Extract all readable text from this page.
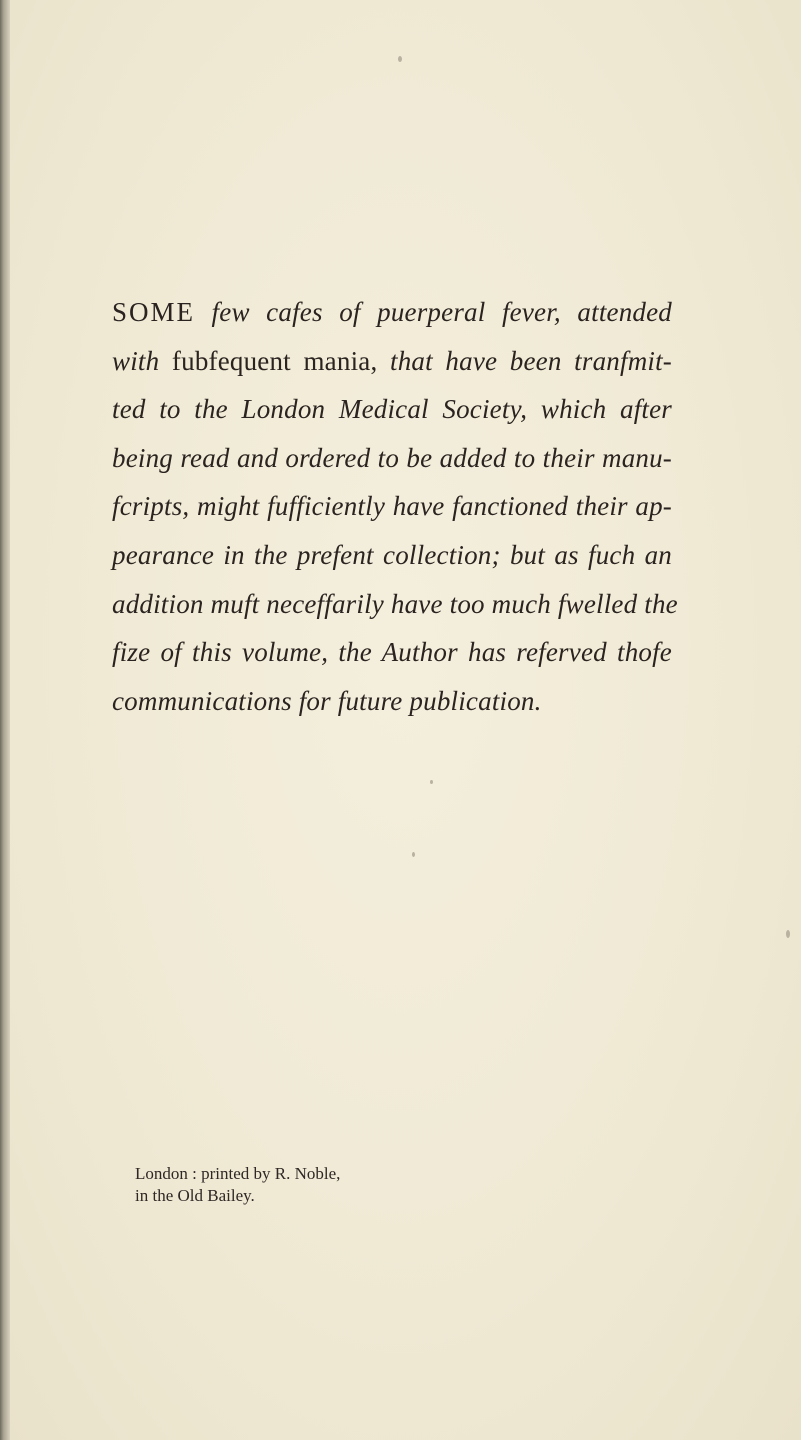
SOME few cafes of puerperal fever, attended
with fubfequent mania, that have been tranfmit-
ted to the London Medical Society, which after
being read and ordered to be added to their manu-
fcripts, might fufficiently have fanctioned their ap-
pearance in the prefent collection; but as fuch an
addition muft neceffarily have too much fwelled the
fize of this volume, the Author has referved thofe
communications for future publication.
London : printed by R. Noble,
in the Old Bailey.
